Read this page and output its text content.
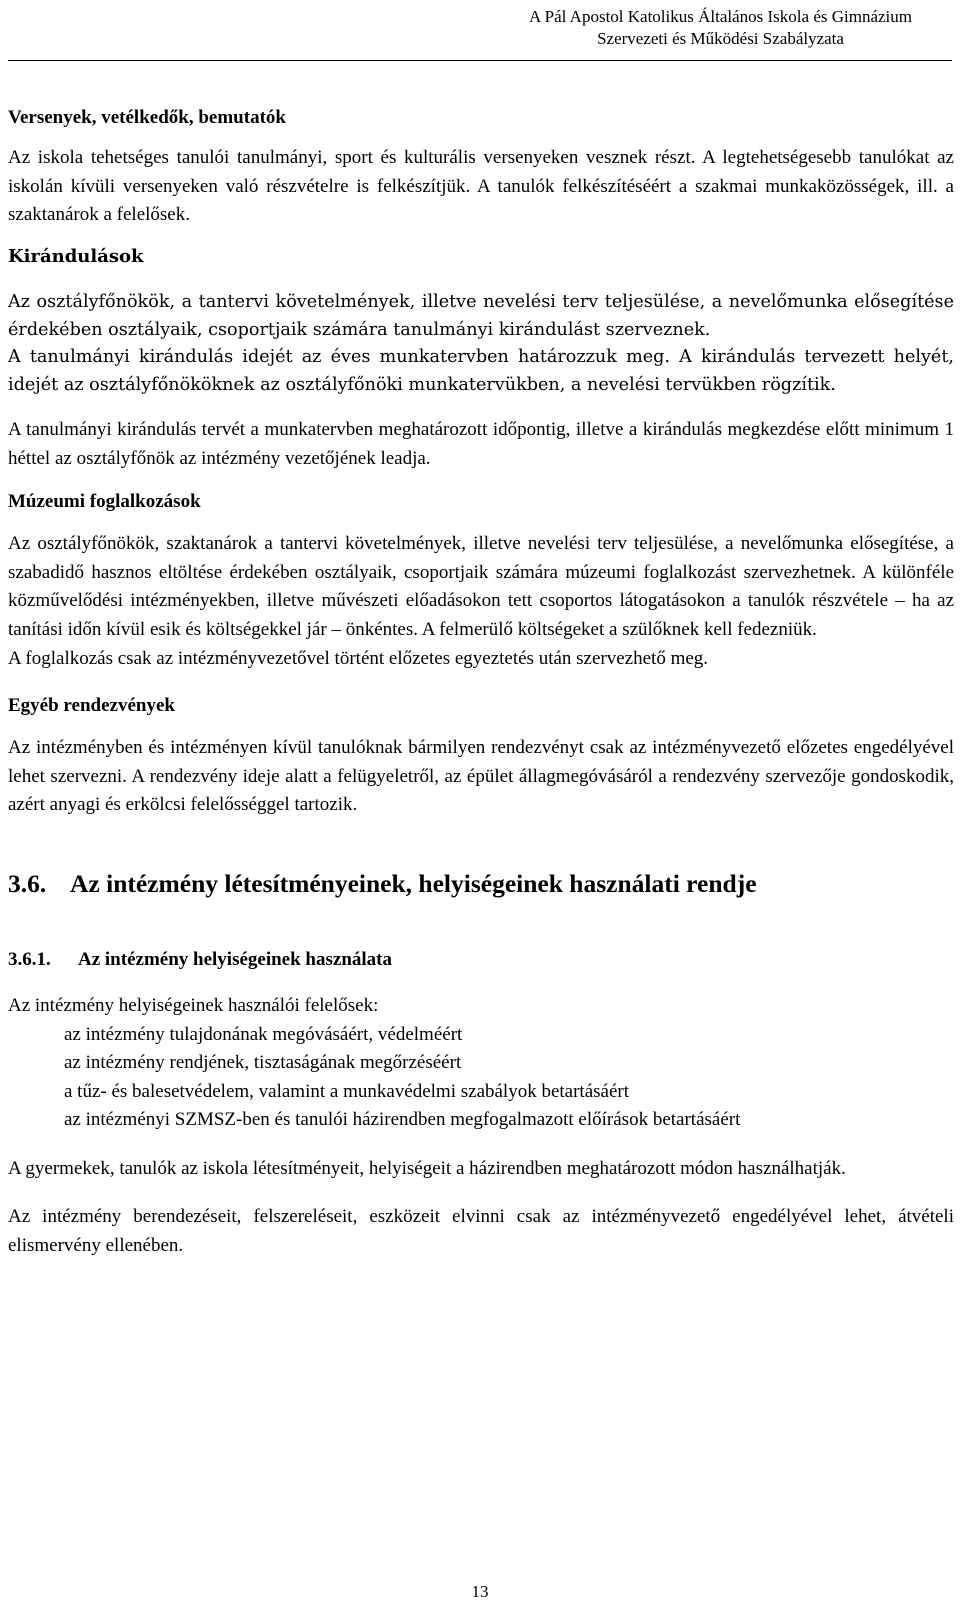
A Pál Apostol Katolikus Általános Iskola és Gimnázium
Szervezeti és Működési Szabályzata

Versenyek, vetélkedők, bemutatók

Az iskola tehetséges tanulói tanulmányi, sport és kulturális versenyeken vesznek részt. A legtehetségesebb tanulókat az iskolán kívüli versenyeken való részvételre is felkészítjük. A tanulók felkészítéséért a szakmai munkaközösségek, ill. a szaktanárok a felelősek.

Kirándulások

Az osztályfőnökök, a tantervi követelmények, illetve nevelési terv teljesülése, a nevelőmunka elősegítése érdekében osztályaik, csoportjaik számára tanulmányi kirándulást szerveznek.

A tanulmányi kirándulás idejét az éves munkatervben határozzuk meg. A kirándulás tervezett helyét, idejét az osztályfőnököknek az osztályfőnöki munkatervükben, a nevelési tervükben rögzítik.

A tanulmányi kirándulás tervét a munkatervben meghatározott időpontig, illetve a kirándulás megkezdése előtt minimum 1 héttel az osztályfőnök az intézmény vezetőjének leadja.

Múzeumi foglalkozások

Az osztályfőnökök, szaktanárok a tantervi követelmények, illetve nevelési terv teljesülése, a nevelőmunka elősegítése, a szabadidő hasznos eltöltése érdekében osztályaik, csoportjaik számára múzeumi foglalkozást szervezhetnek. A különféle közművelődési intézményekben, illetve művészeti előadásokon tett csoportos látogatásokon a tanulók részvétele – ha az tanítási időn kívül esik és költségekkel jár – önkéntes. A felmerülő költségeket a szülőknek kell fedezniük.

A foglalkozás csak az intézményvezetővel történt előzetes egyeztetés után szervezhető meg.

Egyéb rendezvények

Az intézményben és intézményen kívül tanulóknak bármilyen rendezvényt csak az intézményvezető előzetes engedélyével lehet szervezni. A rendezvény ideje alatt a felügyeletről, az épület állagmegóvásáról a rendezvény szervezője gondoskodik, azért anyagi és erkölcsi felelősséggel tartozik.

3.6. Az intézmény létesítményeinek, helyiségeinek használati rendje

3.6.1. Az intézmény helyiségeinek használata

Az intézmény helyiségeinek használói felelősek:

az intézmény tulajdonának megóvásáért, védelméért
az intézmény rendjének, tisztaságának megőrzéséért
a tűz- és balesetvédelem, valamint a munkavédelmi szabályok betartásáért
az intézményi SZMSZ-ben és tanulói házirendben megfogalmazott előírások betartásáért

A gyermekek, tanulók az iskola létesítményeit, helyiségeit a házirendben meghatározott módon használhatják.

Az intézmény berendezéseit, felszereléseit, eszközeit elvinni csak az intézményvezető engedélyével lehet, átvételi elismervény ellenében.

13
